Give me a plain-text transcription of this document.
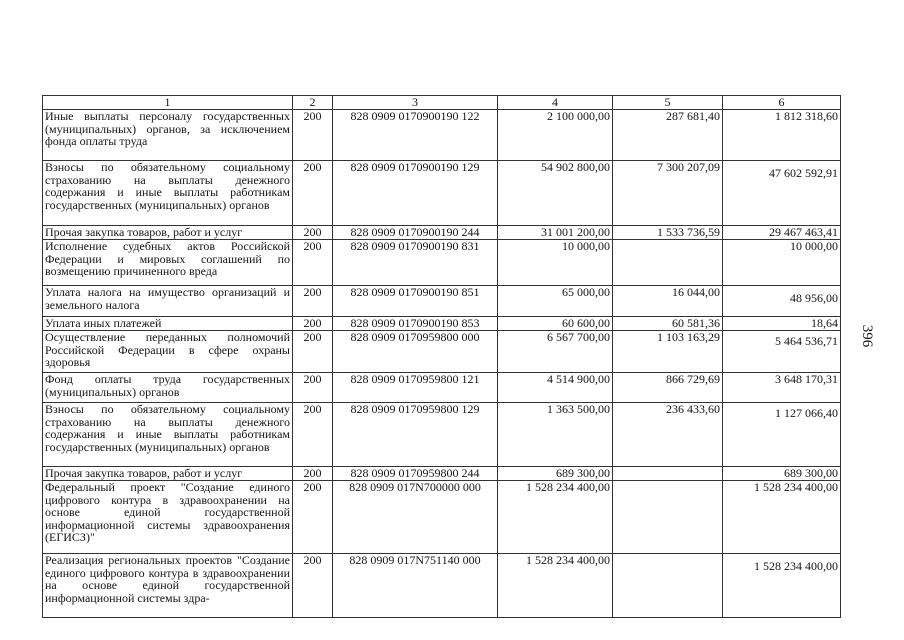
396
1	2	3	4	5	6
Иные выплаты персоналу государственных (муниципальных) органов, за исключением фонда оплаты труда	200	828 0909 0170900190 122	2 100 000,00	287 681,40	1 812 318,60
Взносы по обязательному социальному страхованию на выплаты денежного содержания и иные выплаты работникам государственных (муниципальных) органов	200	828 0909 0170900190 129	54 902 800,00	7 300 207,09	47 602 592,91
Прочая закупка товаров, работ и услуг	200	828 0909 0170900190 244	31 001 200,00	1 533 736,59	29 467 463,41
Исполнение судебных актов Российской Федерации и мировых соглашений по возмещению причиненного вреда	200	828 0909 0170900190 831	10 000,00		10 000,00
Уплата налога на имущество организаций и земельного налога	200	828 0909 0170900190 851	65 000,00	16 044,00	48 956,00
Уплата иных платежей	200	828 0909 0170900190 853	60 600,00	60 581,36	18,64
Осуществление переданных полномочий Российской Федерации в сфере охраны здоровья	200	828 0909 0170959800 000	6 567 700,00	1 103 163,29	5 464 536,71
Фонд оплаты труда государственных (муниципальных) органов	200	828 0909 0170959800 121	4 514 900,00	866 729,69	3 648 170,31
Взносы по обязательному социальному страхованию на выплаты денежного содержания и иные выплаты работникам государственных (муниципальных) органов	200	828 0909 0170959800 129	1 363 500,00	236 433,60	1 127 066,40
Прочая закупка товаров, работ и услуг	200	828 0909 0170959800 244	689 300,00		689 300,00
Федеральный проект "Создание единого цифрового контура в здравоохранении на основе единой государственной информационной системы здравоохранения (ЕГИСЗ)"	200	828 0909 017N700000 000	1 528 234 400,00		1 528 234 400,00
Реализация региональных проектов "Создание единого цифрового контура в здравоохранении на основе единой государственной информационной системы здра-	200	828 0909 017N751140 000	1 528 234 400,00		1 528 234 400,00
